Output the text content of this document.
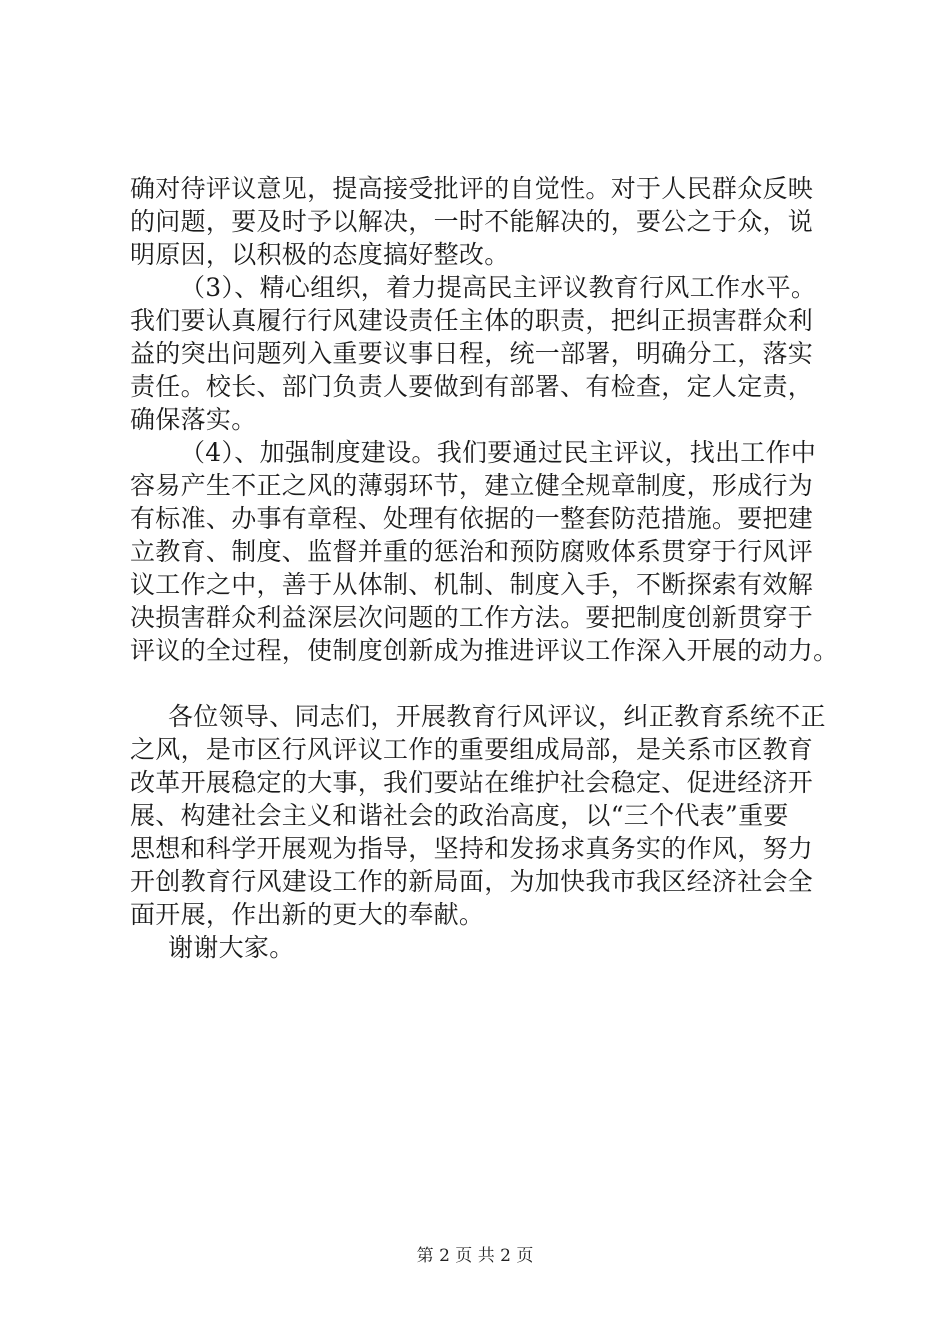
确对待评议意见，提高接受批评的自觉性。对于人民群众反映
的问题，要及时予以解决，一时不能解决的，要公之于众，说
明原因，以积极的态度搞好整改。
（3）、精心组织，着力提高民主评议教育行风工作水平。
我们要认真履行行风建设责任主体的职责，把纠正损害群众利
益的突出问题列入重要议事日程，统一部署，明确分工，落实
责任。校长、部门负责人要做到有部署、有检查，定人定责，
确保落实。
（4）、加强制度建设。我们要通过民主评议，找出工作中
容易产生不正之风的薄弱环节，建立健全规章制度，形成行为
有标准、办事有章程、处理有依据的一整套防范措施。要把建
立教育、制度、监督并重的惩治和预防腐败体系贯穿于行风评
议工作之中，善于从体制、机制、制度入手，不断探索有效解
决损害群众利益深层次问题的工作方法。要把制度创新贯穿于
评议的全过程，使制度创新成为推进评议工作深入开展的动力。
各位领导、同志们，开展教育行风评议，纠正教育系统不正
之风，是市区行风评议工作的重要组成局部，是关系市区教育
改革开展稳定的大事，我们要站在维护社会稳定、促进经济开
展、构建社会主义和谐社会的政治高度，以“三个代表”重要
思想和科学开展观为指导，坚持和发扬求真务实的作风，努力
开创教育行风建设工作的新局面，为加快我市我区经济社会全
面开展，作出新的更大的奉献。
谢谢大家。
第 2 页 共 2 页
